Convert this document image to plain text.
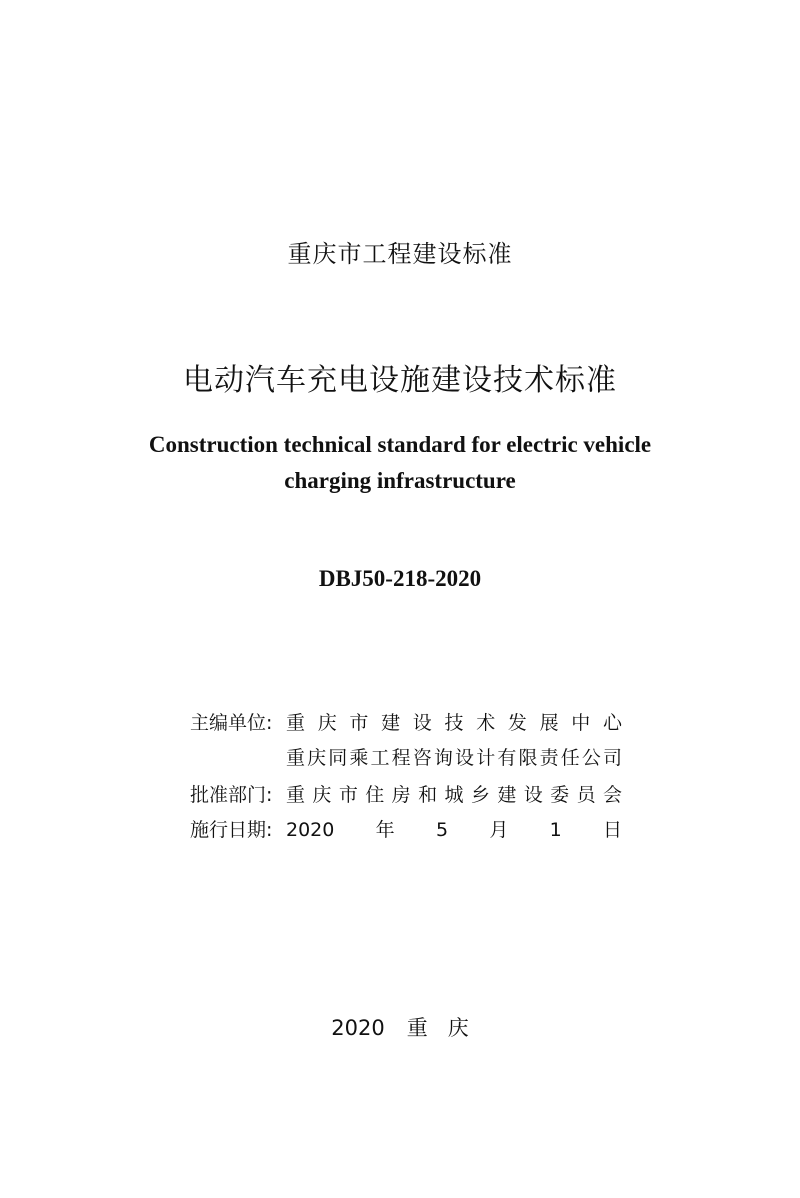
重庆市工程建设标准
电动汽车充电设施建设技术标准
Construction technical standard for electric vehicle
charging infrastructure
DBJ50-218-2020
主编单位: 重庆市建设技术发展中心
重庆同乘工程咨询设计有限责任公司
批准部门: 重庆市住房和城乡建设委员会
施行日期: 2020年5月1日
2020 重庆
